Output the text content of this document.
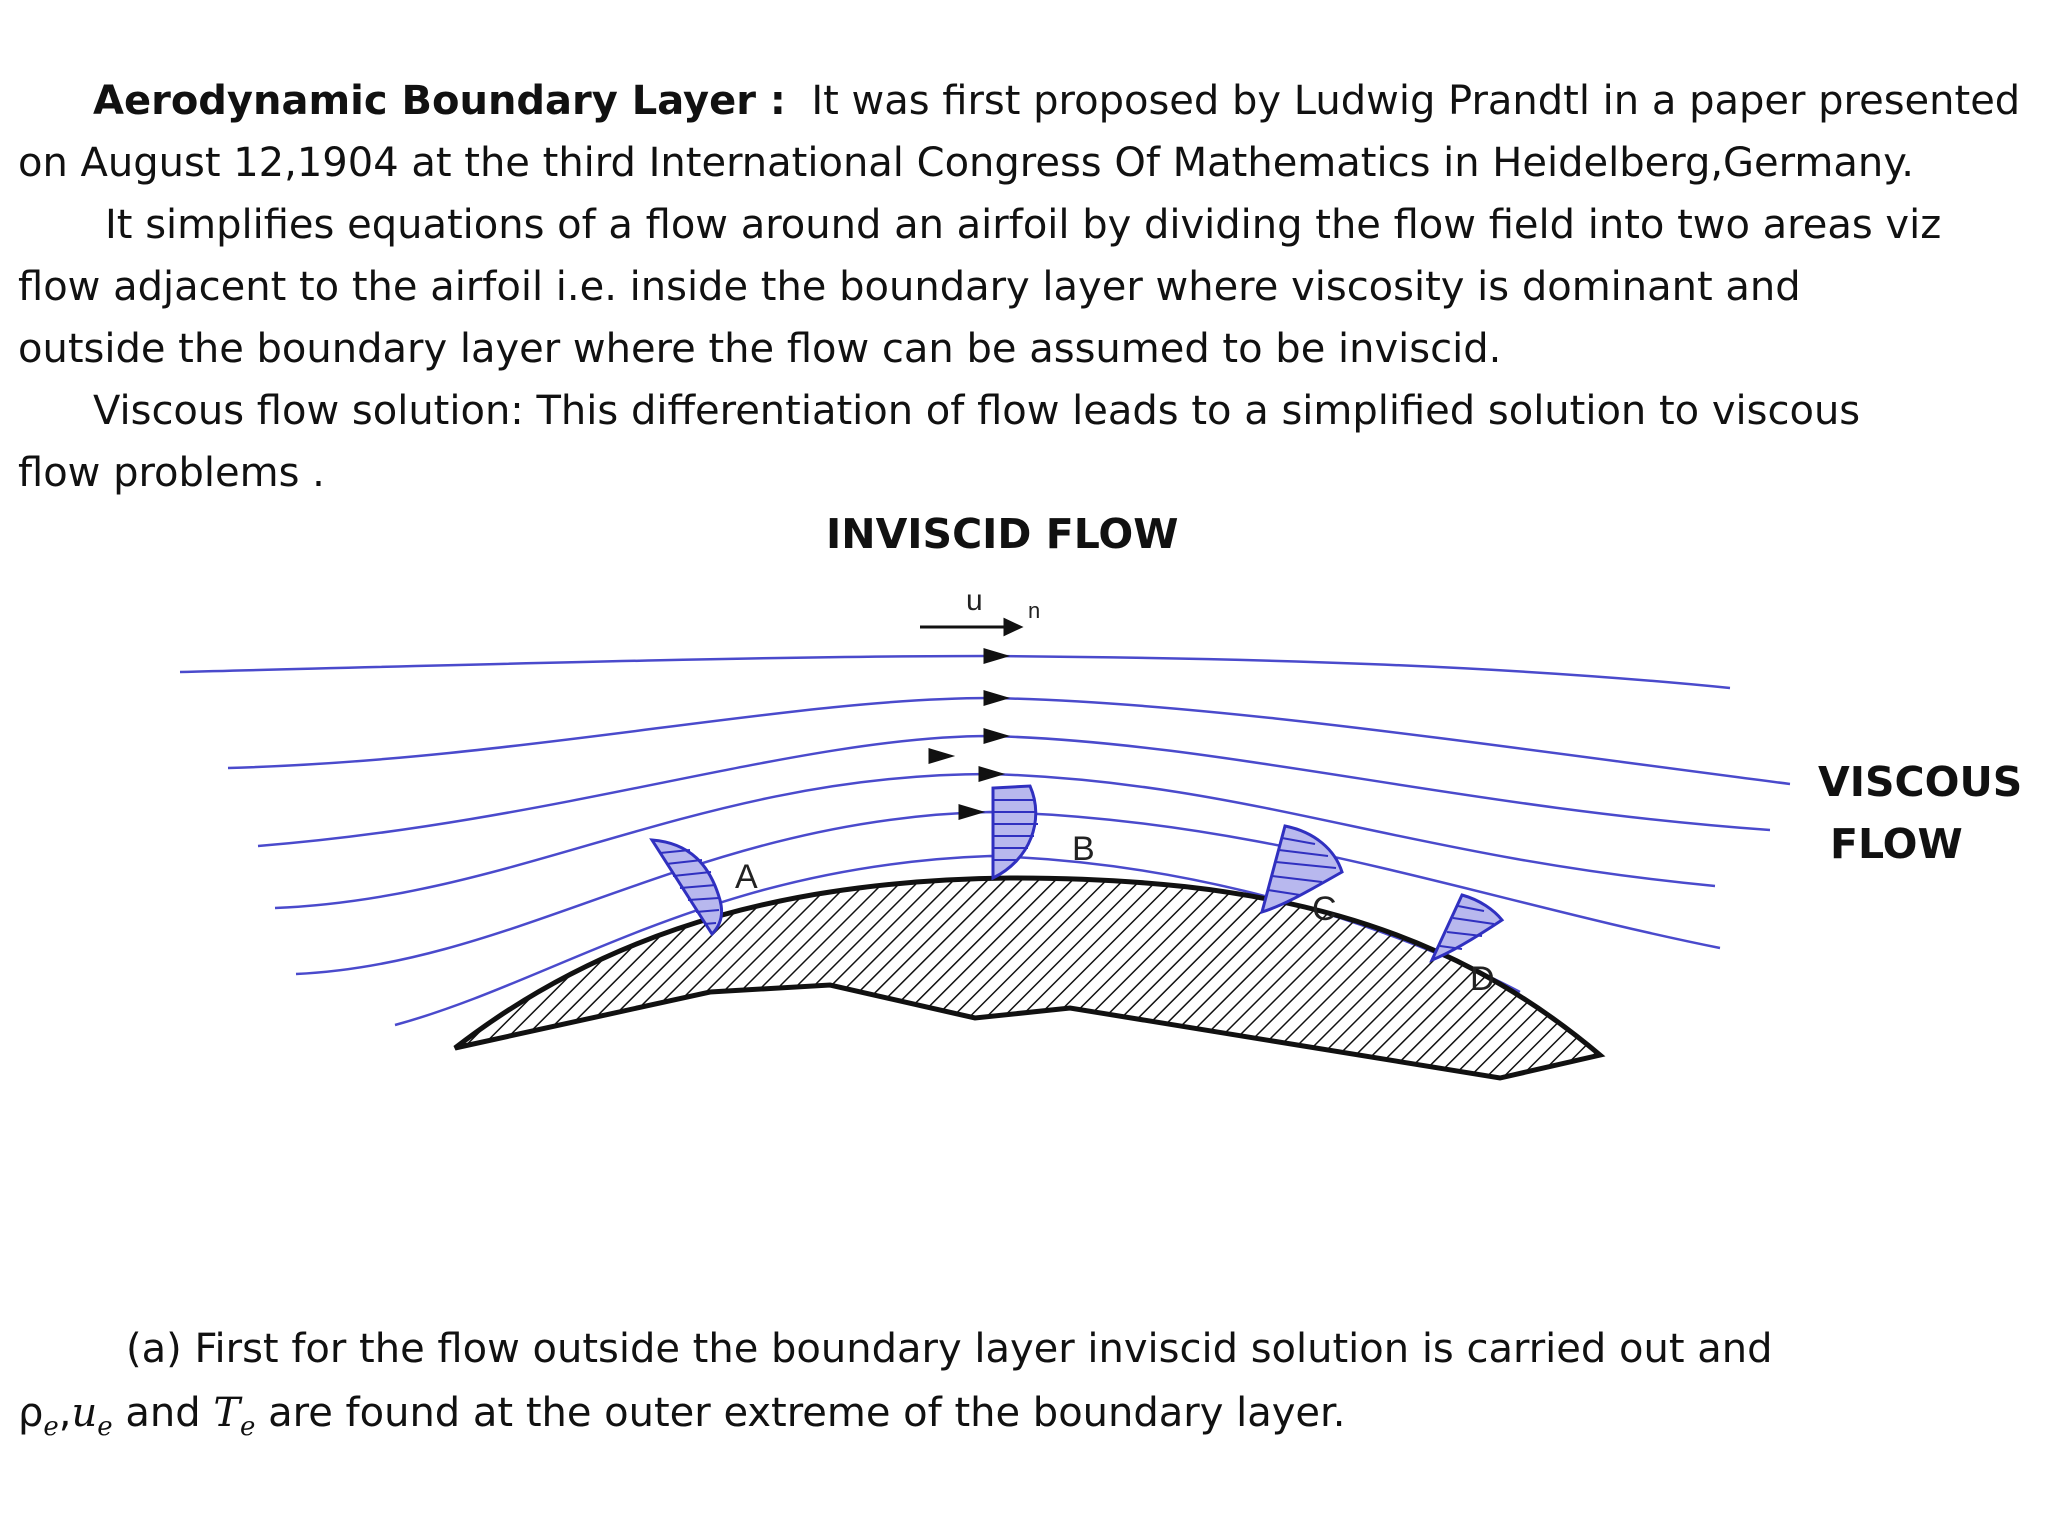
Aerodynamic Boundary Layer : It was first proposed by Ludwig Prandtl in a paper presented
on August 12,1904 at the third International Congress Of Mathematics in Heidelberg,Germany.
It simplifies equations of a flow around an airfoil by dividing the flow field into two areas viz
flow adjacent to the airfoil i.e. inside the boundary layer where viscosity is dominant and
outside the boundary layer where the flow can be assumed to be inviscid.
Viscous flow solution: This differentiation of flow leads to a simplified solution to viscous
flow problems .
INVISCID FLOW
VISCOUS
FLOW
u n
A
B
C
D
(a) First for the flow outside the boundary layer inviscid solution is carried out and
$\rho_e,u_e$ and $T_e$ are found at the outer extreme of the boundary layer.
